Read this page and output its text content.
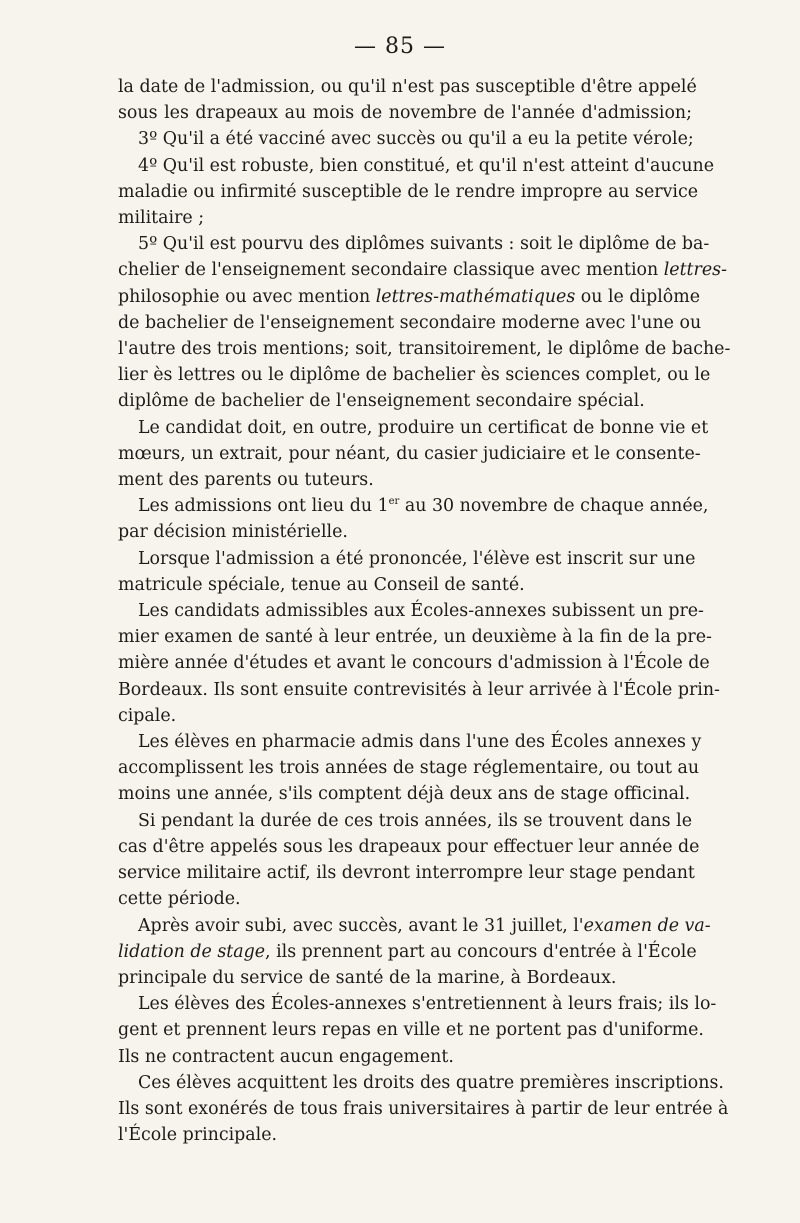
— 85 —
la date de l'admission, ou qu'il n'est pas susceptible d'être appelé
sous les drapeaux au mois de novembre de l'année d'admission;
3º Qu'il a été vacciné avec succès ou qu'il a eu la petite vérole;
4º Qu'il est robuste, bien constitué, et qu'il n'est atteint d'aucune
maladie ou infirmité susceptible de le rendre impropre au service
militaire ;
5º Qu'il est pourvu des diplômes suivants : soit le diplôme de ba-
chelier de l'enseignement secondaire classique avec mention lettres-
philosophie ou avec mention lettres-mathématiques ou le diplôme
de bachelier de l'enseignement secondaire moderne avec l'une ou
l'autre des trois mentions; soit, transitoirement, le diplôme de bache-
lier ès lettres ou le diplôme de bachelier ès sciences complet, ou le
diplôme de bachelier de l'enseignement secondaire spécial.
Le candidat doit, en outre, produire un certificat de bonne vie et
mœurs, un extrait, pour néant, du casier judiciaire et le consente-
ment des parents ou tuteurs.
Les admissions ont lieu du 1er au 30 novembre de chaque année,
par décision ministérielle.
Lorsque l'admission a été prononcée, l'élève est inscrit sur une
matricule spéciale, tenue au Conseil de santé.
Les candidats admissibles aux Écoles-annexes subissent un pre-
mier examen de santé à leur entrée, un deuxième à la fin de la pre-
mière année d'études et avant le concours d'admission à l'École de
Bordeaux. Ils sont ensuite contrevisités à leur arrivée à l'École prin-
cipale.
Les élèves en pharmacie admis dans l'une des Écoles annexes y
accomplissent les trois années de stage réglementaire, ou tout au
moins une année, s'ils comptent déjà deux ans de stage officinal.
Si pendant la durée de ces trois années, ils se trouvent dans le
cas d'être appelés sous les drapeaux pour effectuer leur année de
service militaire actif, ils devront interrompre leur stage pendant
cette période.
Après avoir subi, avec succès, avant le 31 juillet, l'examen de va-
lidation de stage, ils prennent part au concours d'entrée à l'École
principale du service de santé de la marine, à Bordeaux.
Les élèves des Écoles-annexes s'entretiennent à leurs frais; ils lo-
gent et prennent leurs repas en ville et ne portent pas d'uniforme.
Ils ne contractent aucun engagement.
Ces élèves acquittent les droits des quatre premières inscriptions.
Ils sont exonérés de tous frais universitaires à partir de leur entrée à
l'École principale.
